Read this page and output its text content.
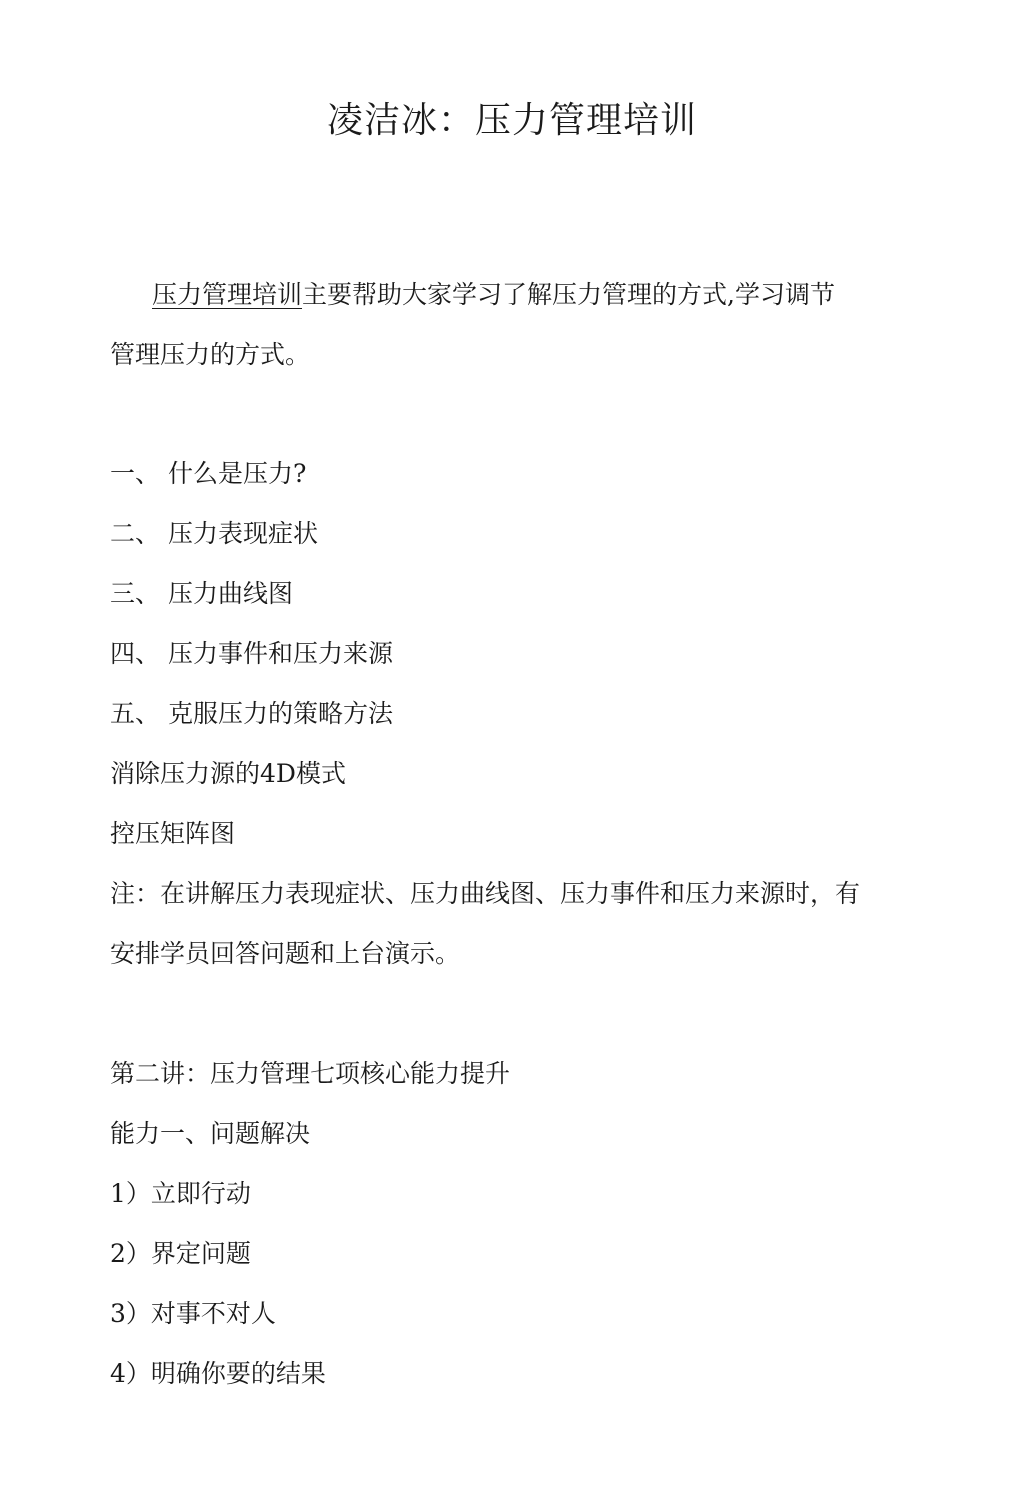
凌洁冰：压力管理培训

压力管理培训主要帮助大家学习了解压力管理的方式,学习调节

管理压力的方式。

一、 什么是压力?

二、 压力表现症状

三、 压力曲线图

四、 压力事件和压力来源

五、 克服压力的策略方法

消除压力源的4D模式

控压矩阵图

注：在讲解压力表现症状、压力曲线图、压力事件和压力来源时，有

安排学员回答问题和上台演示。

第二讲：压力管理七项核心能力提升

能力一、问题解决

1）立即行动

2）界定问题

3）对事不对人

4）明确你要的结果
